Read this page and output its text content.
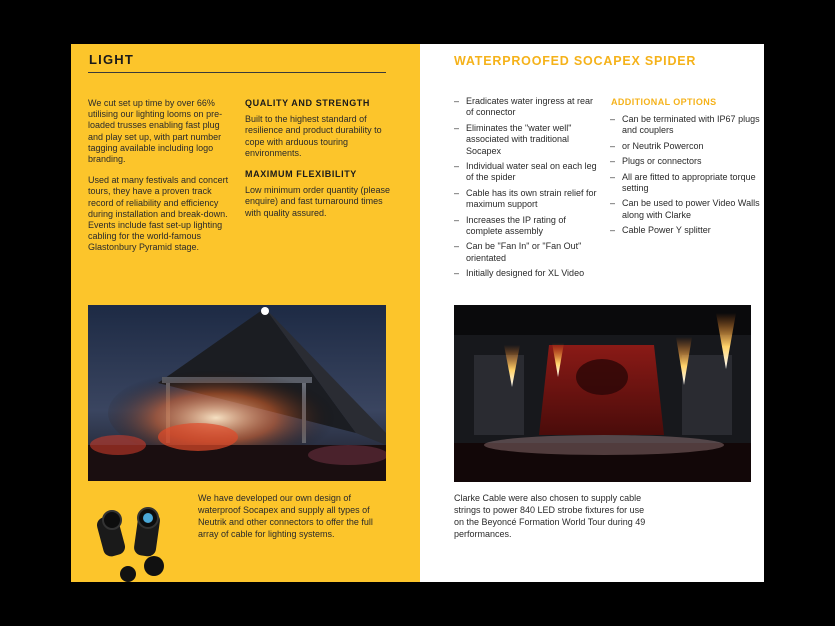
LIGHT

We cut set up time by over 66% utilising our lighting looms on pre-loaded trusses enabling fast plug and play set up, with part number tagging available including logo branding.

Used at many festivals and concert tours, they have a proven track record of reliability and efficiency during installation and break-down. Events include fast set-up lighting cabling for the world-famous Glastonbury Pyramid stage.

QUALITY AND STRENGTH

Built to the highest standard of resilience and product durability to cope with arduous touring environments.

MAXIMUM FLEXIBILITY

Low minimum order quantity (please enquire) and fast turnaround times with quality assured.

We have developed our own design of waterproof Socapex and supply all types of Neutrik and other connectors to offer the full array of cable for lighting systems.

WATERPROOFED SOCAPEX SPIDER
– Eradicates water ingress at rear of connector
– Eliminates the "water well" associated with traditional Socapex
– Individual water seal on each leg of the spider
– Cable has its own strain relief for maximum support
– Increases the IP rating of complete assembly
– Can be "Fan In" or "Fan Out" orientated
– Initially designed for XL Video
ADDITIONAL OPTIONS
– Can be terminated with IP67 plugs and couplers
– or Neutrik Powercon
– Plugs or connectors
– All are fitted to appropriate torque setting
– Can be used to power Video Walls along with Clarke
– Cable Power Y splitter

Clarke Cable were also chosen to supply cable strings to power 840 LED strobe fixtures for use on the Beyoncé Formation World Tour during 49 performances.
